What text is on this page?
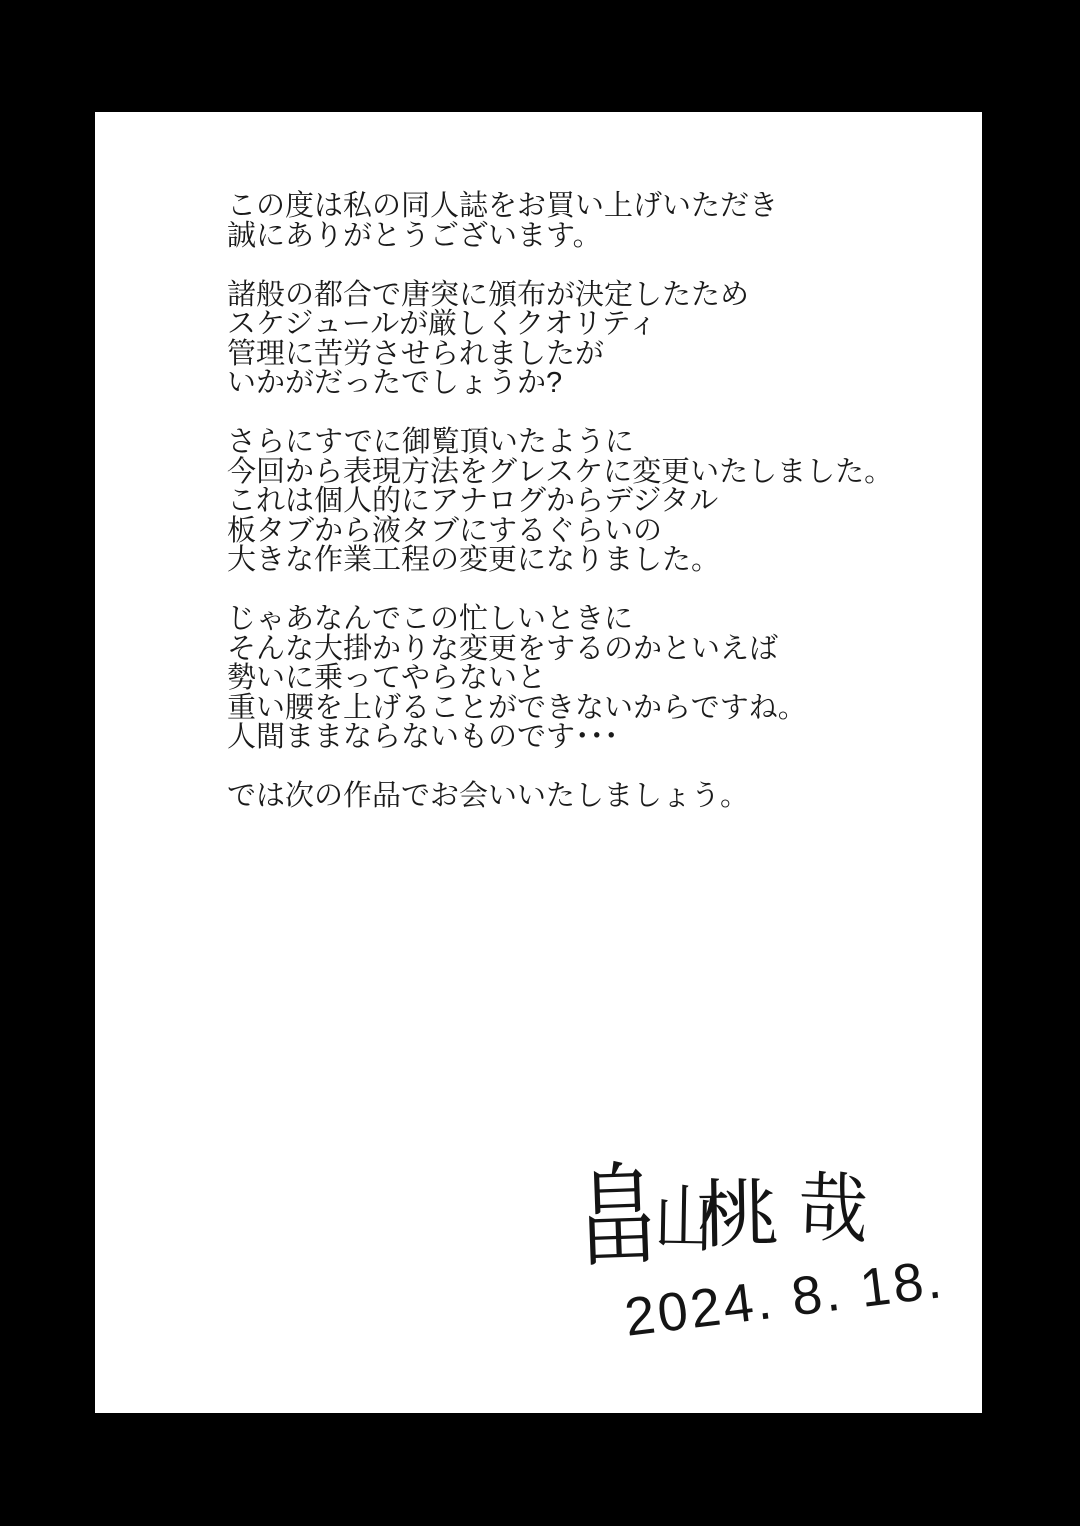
この度は私の同人誌をお買い上げいただき
誠にありがとうございます。
諸般の都合で唐突に頒布が決定したため
スケジュールが厳しくクオリティ
管理に苦労させられましたが
いかがだったでしょうか?
さらにすでに御覧頂いたように
今回から表現方法をグレスケに変更いたしました。
これは個人的にアナログからデジタル
板タブから液タブにするぐらいの
大きな作業工程の変更になりました。
じゃあなんでこの忙しいときに
そんな大掛かりな変更をするのかといえば
勢いに乗ってやらないと
重い腰を上げることができないからですね。
人間ままならないものです･･･
では次の作品でお会いいたしましょう。
2024. 8. 18.
畠
山
桃 哉
